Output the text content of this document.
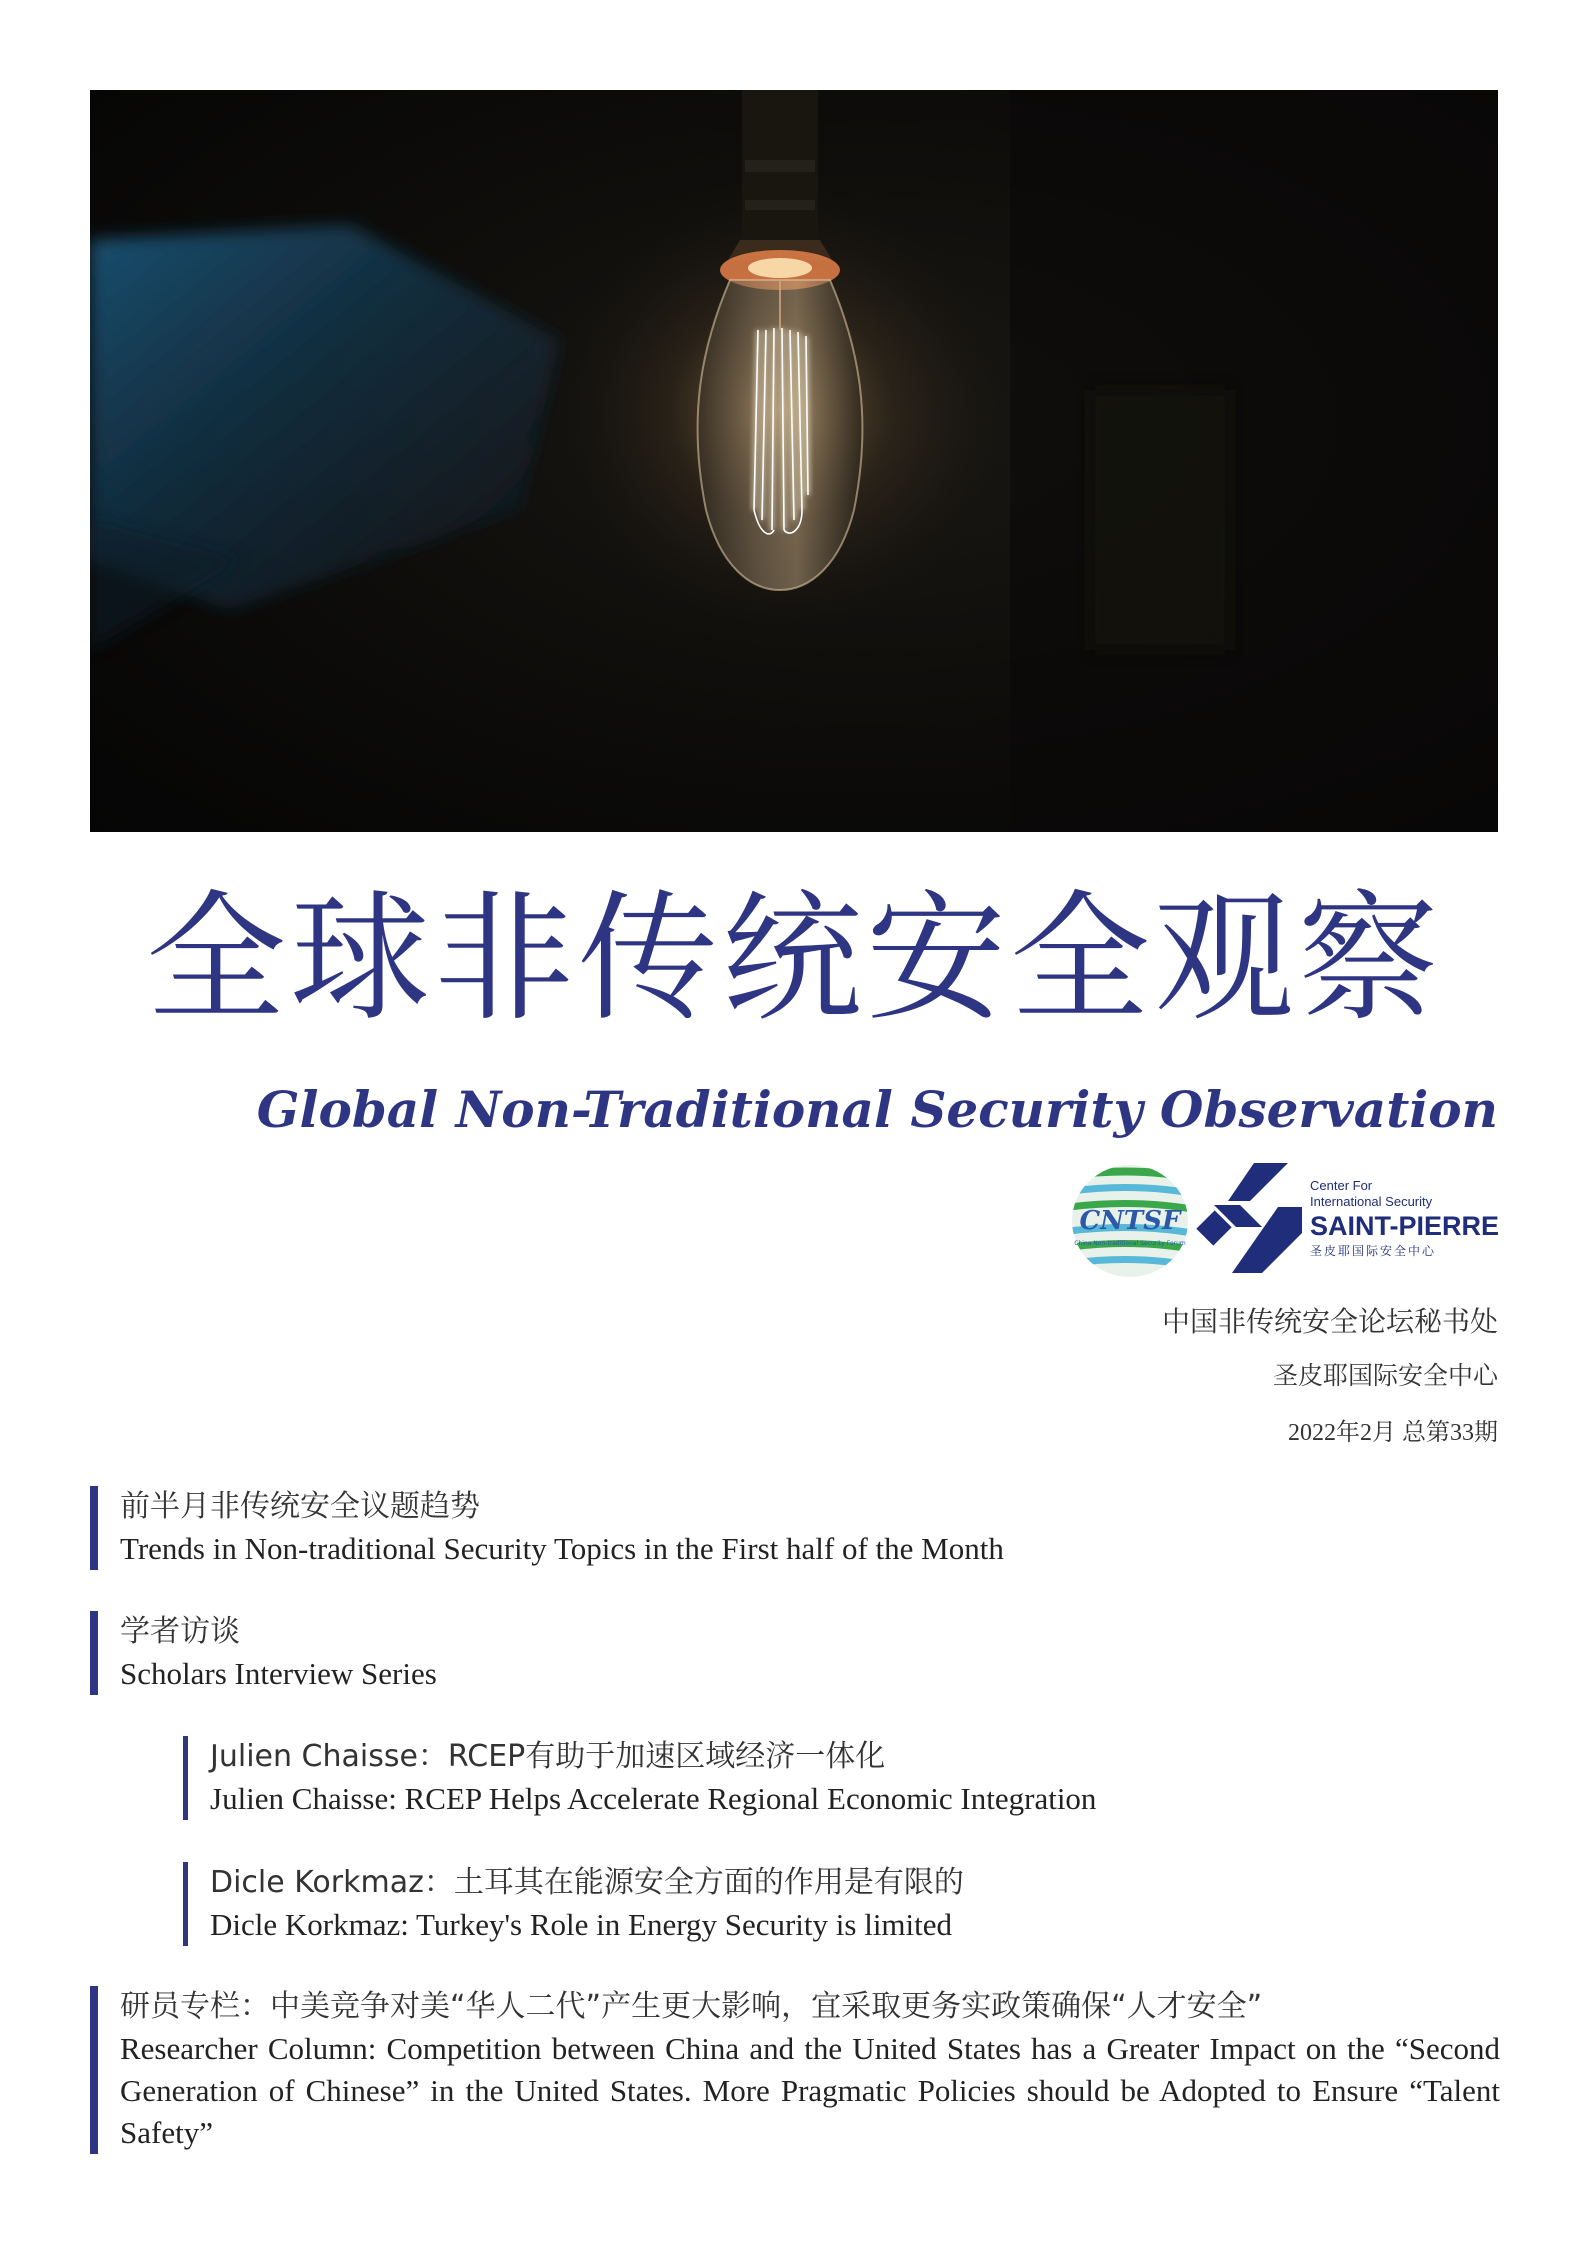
全球非传统安全观察
Global Non-Traditional Security Observation
CNTSF
China Non-traditional Security Forum
Center For
International Security
SAINT-PIERRE
圣皮耶国际安全中心
中国非传统安全论坛秘书处
圣皮耶国际安全中心
2022年2月 总第33期
前半月非传统安全议题趋势
Trends in Non-traditional Security Topics in the First half of the Month
学者访谈
Scholars Interview Series
Julien Chaisse：RCEP有助于加速区域经济一体化
Julien Chaisse: RCEP Helps Accelerate Regional Economic Integration
Dicle Korkmaz：土耳其在能源安全方面的作用是有限的
Dicle Korkmaz: Turkey's Role in Energy Security is limited
研员专栏：中美竞争对美“华人二代”产生更大影响，宜采取更务实政策确保“人才安全”
Researcher Column: Competition between China and the United States has a Greater Impact on the “Second Generation of Chinese” in the United States. More Pragmatic Policies should be Adopted to Ensure “Talent Safety”
